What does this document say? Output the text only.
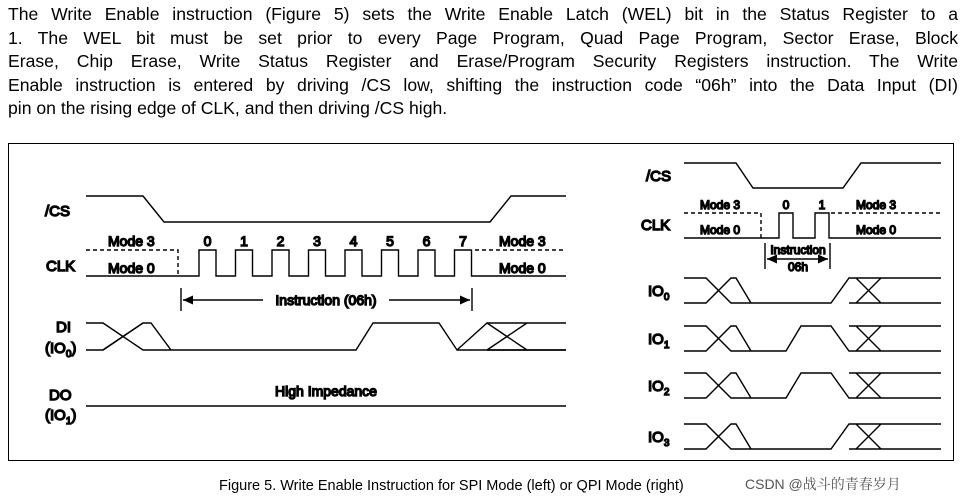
The Write Enable instruction (Figure 5) sets the Write Enable Latch (WEL) bit in the Status Register to a
1. The WEL bit must be set prior to every Page Program, Quad Page Program, Sector Erase, Block
Erase, Chip Erase, Write Status Register and Erase/Program Security Registers instruction. The Write
Enable instruction is entered by driving /CS low, shifting the instruction code “06h” into the Data Input (DI)
pin on the rising edge of CLK, and then driving /CS high.
/CS
CLK
DI
$(IO_0)$
DO
$(IO_1)$
Mode 3
Mode 0
Mode 3
Mode 0
0 1 2 3 4 5 6 7
Instruction (06h)
High Impedance
/CS
CLK
Mode 3
Mode 0
Mode 3
Mode 0
0 1
Instruction
06h
$IO_0$
$IO_1$
$IO_2$
$IO_3$
Figure 5. Write Enable Instruction for SPI Mode (left) or QPI Mode (right)	CSDN @战斗的青春岁月
